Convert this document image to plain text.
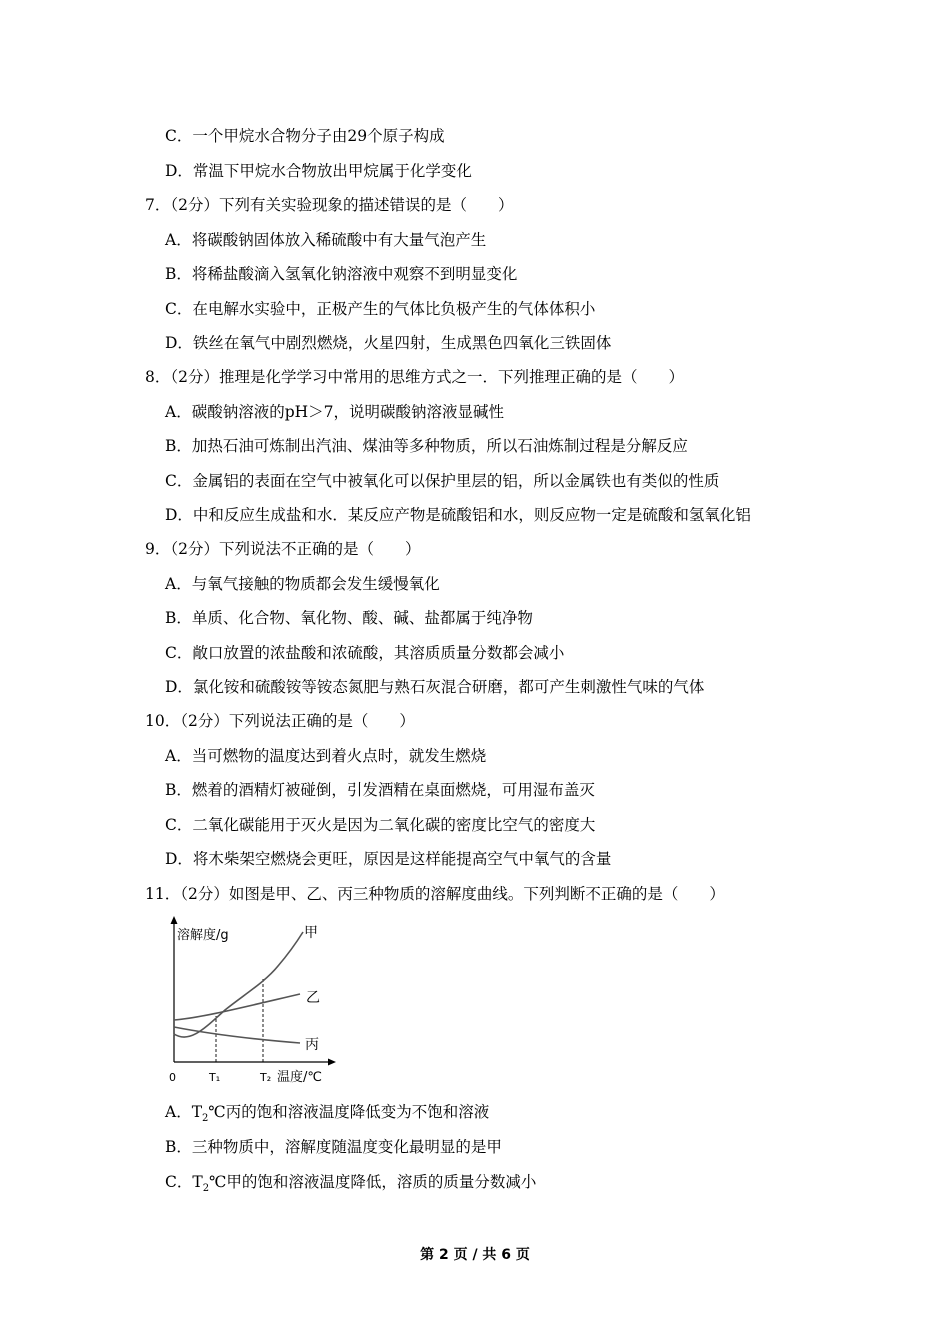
C．一个甲烷水合物分子由29个原子构成
D．常温下甲烷水合物放出甲烷属于化学变化
7．（2分）下列有关实验现象的描述错误的是（　　）
A．将碳酸钠固体放入稀硫酸中有大量气泡产生
B．将稀盐酸滴入氢氧化钠溶液中观察不到明显变化
C．在电解水实验中，正极产生的气体比负极产生的气体体积小
D．铁丝在氧气中剧烈燃烧，火星四射，生成黑色四氧化三铁固体
8．（2分）推理是化学学习中常用的思维方式之一．下列推理正确的是（　　）
A．碳酸钠溶液的pH＞7，说明碳酸钠溶液显碱性
B．加热石油可炼制出汽油、煤油等多种物质，所以石油炼制过程是分解反应
C．金属铝的表面在空气中被氧化可以保护里层的铝，所以金属铁也有类似的性质
D．中和反应生成盐和水．某反应产物是硫酸铝和水，则反应物一定是硫酸和氢氧化铝
9．（2分）下列说法不正确的是（　　）
A．与氧气接触的物质都会发生缓慢氧化
B．单质、化合物、氧化物、酸、碱、盐都属于纯净物
C．敞口放置的浓盐酸和浓硫酸，其溶质质量分数都会减小
D．氯化铵和硫酸铵等铵态氮肥与熟石灰混合研磨，都可产生刺激性气味的气体
10．（2分）下列说法正确的是（　　）
A．当可燃物的温度达到着火点时，就发生燃烧
B．燃着的酒精灯被碰倒，引发酒精在桌面燃烧，可用湿布盖灭
C．二氧化碳能用于灭火是因为二氧化碳的密度比空气的密度大
D．将木柴架空燃烧会更旺，原因是这样能提高空气中氧气的含量
11．（2分）如图是甲、乙、丙三种物质的溶解度曲线。下列判断不正确的是（　　）
溶解度/g
温度/℃
0	T₁	T₂
甲
乙
丙
A．$T_2℃$丙的饱和溶液温度降低变为不饱和溶液
B．三种物质中，溶解度随温度变化最明显的是甲
C．$T_2℃$甲的饱和溶液温度降低，溶质的质量分数减小
第 2 页 / 共 6 页
